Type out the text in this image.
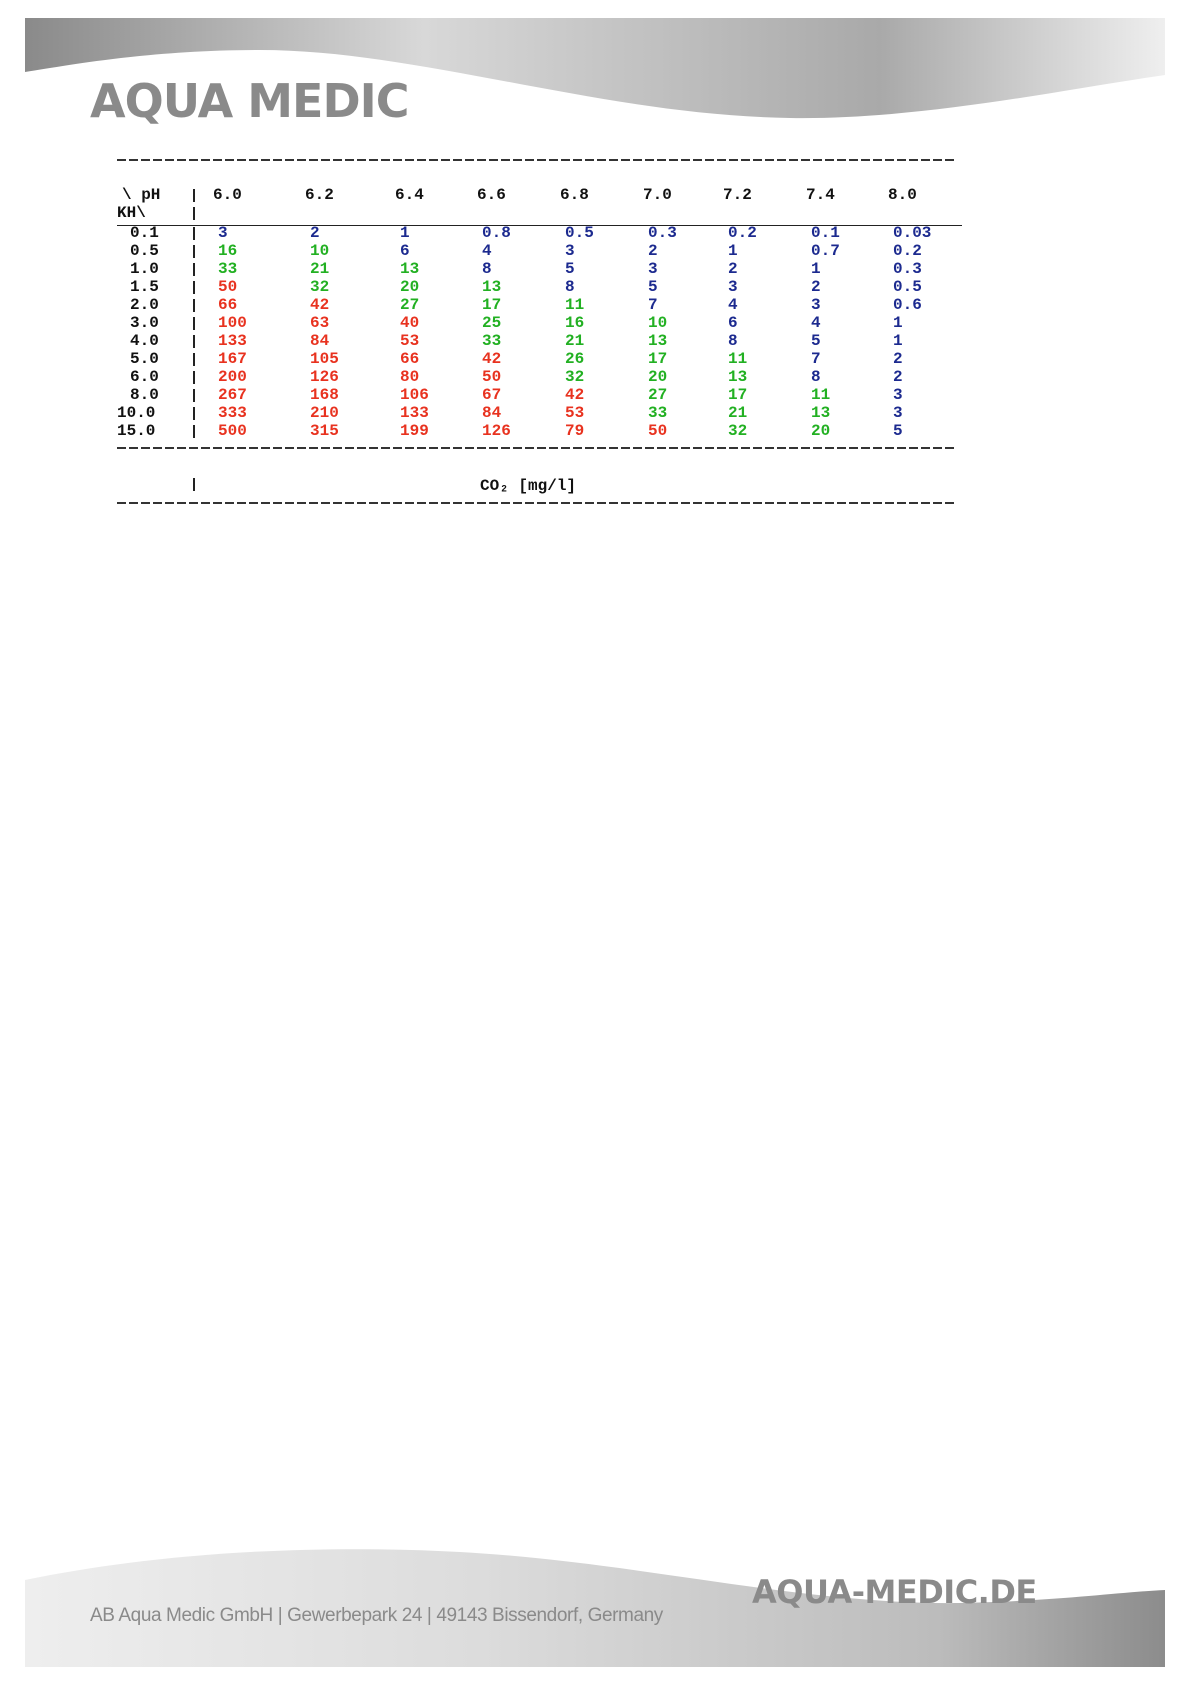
AQUA MEDIC
\ pH
KH\
6.0	6.2	6.4	6.6	6.8	7.0	7.2	7.4	8.0
0.1	3	2	1	0.8	0.5	0.3	0.2	0.1	0.03
0.5	16	10	6	4	3	2	1	0.7	0.2
1.0	33	21	13	8	5	3	2	1	0.3
1.5	50	32	20	13	8	5	3	2	0.5
2.0	66	42	27	17	11	7	4	3	0.6
3.0	100	63	40	25	16	10	6	4	1
4.0	133	84	53	33	21	13	8	5	1
5.0	167	105	66	42	26	17	11	7	2
6.0	200	126	80	50	32	20	13	8	2
8.0	267	168	106	67	42	27	17	11	3
10.0	333	210	133	84	53	33	21	13	3
15.0	500	315	199	126	79	50	32	20	5
CO₂ [mg/l]
AB Aqua Medic GmbH | Gewerbepark 24 | 49143 Bissendorf, Germany
AQUA-MEDIC.DE
